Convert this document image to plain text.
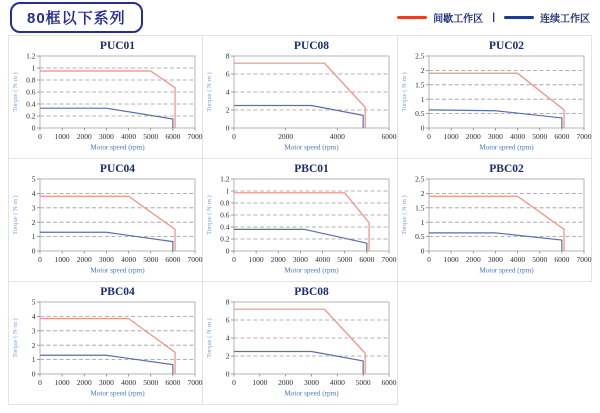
80框以下系列	间歇工作区 |	连续工作区
PUC01
0
0.2
0.4
0.6
0.8
1
1.2
0 1000 2000 3000 4000 5000 6000 7000
Motor speed (rpm)
Torque ( N·m )

PUC08
0
2
4
6
8
0	2000	4000	6000
Motor speed (rpm)
Torque ( N·m )

PUC02
0
0.5
1
1.5
2
2.5
0 1000 2000 3000 4000 5000 6000 7000
Motor speed (rpm)
Torque ( N·m )

PUC04
0
1
2
3
4
5
0 1000 2000 3000 4000 5000 6000 7000
Motor speed (rpm)
Torque ( N·m )

PBC01
0
0.2
0.4
0.6
0.8
1
1.2
0 1000 2000 3000 4000 5000 6000 7000
Motor speed (rpm)
Torque ( N·m )

PBC02
0
0.5
1
1.5
2
2.5
0 1000 2000 3000 4000 5000 6000 7000
Motor speed (rpm)
Torque ( N·m )

PBC04
0
1
2
3
4
5
0 1000 2000 3000 4000 5000 6000 7000
Motor speed (rpm)
Torque ( N·m )

PBC08
0
2
4
6
8
0 1000 2000 3000 4000 5000 6000
Motor speed (rpm)
Torque ( N·m )
